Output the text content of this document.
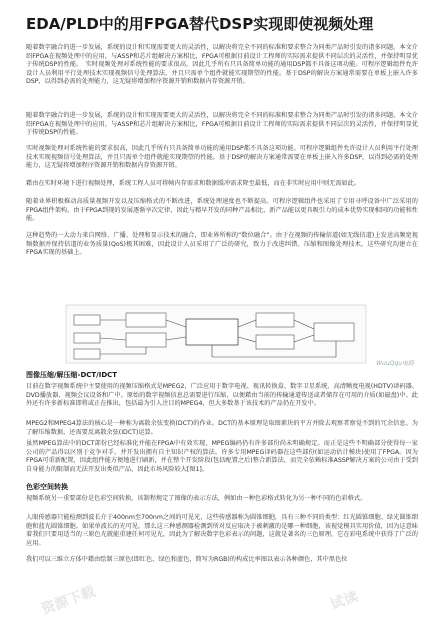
EDA/PLD中的用FPGA替代DSP实现即使视频处理
随着数字融合的进一步发展，系统的设计和实现需要更大的灵活性，以解决将完全不同的标准和要求整合为同类产品时引发的诸多问题。本文介绍FPGA在视频处理中的应用，与ASSP和芯片组解决方案相比，FPGA可根据目前设计工程师的实际需求提供不同层次的灵活性，并保持明显优于传统DSP的性能。　实时视频处理对系统性能的要求很高，因此几乎所有只具备简单功能的通用DSP都不具备这项功能。可程序逻辑组件允许设计人员利用平行处理技术实现视频信号处理算法，并且只需单个组件就能实现期望的性能。基于DSP的解决方案通常需要在单板上嵌入许多DSP，以得到必需的处理能力，这无疑将增加程序资源开销和数据内存资源开销。
随着数字融合的进一步发展，系统的设计和实现需要更大的灵活性，以解决将完全不同的标准和要求整合为同类产品时引发的诸多问题。本文介绍FPGA在视频处理中的应用，与ASSP和芯片组解决方案相比，FPGA可根据目前设计工程师的实际需求提供不同层次的灵活性，并保持明显优于传统DSP的性能。
实时视频处理对系统性能的要求很高，因此几乎所有只具备简单功能的通用DSP都不具备这项功能。可程序逻辑组件允许设计人员利用平行处理技术实现视频信号处理算法，并且只需单个组件就能实现期望的性能。基于DSP的解决方案通常需要在单板上嵌入许多DSP，以得到必需的处理能力，这无疑将增加程序资源开销和数据内存资源开销。
藉由在实时环境下进行视频处理，系统工程人员可将帧内存需求和数据缓冲需求降至最低，而在非实时应用中则无需如此。
随着业界积极推动高质量视频开发以及压缩格式的不断改进，系统处理速度也不断提高。可程序逻辑组件也采用了专用寻呼设备中广泛采用的FPGA组件架构。由于FPGA到现的发展逐渐享次定律，因此与精早开发的同种产品相比，新产品能以更具吸引力的成本优势实现相同的功能和性能。
这种趋势的一大动力来自网络、广播、处理和显示技术的融合，即业界所称的“数位融合”。由于在视频的传输信道(如无线信道)上发送高频宽视频数据并保持信道的业务质量(QoS)极其困难，因此设计人员采用了广泛的研究，致力于改进纠错、压缩和图像处理技术，这些研究均建立在FPGA实现的基础上。
WuuQqu电路
图像压缩/解压缩-DCT/IDCT
目前在数字视频系统中主要使用的视频压缩格式是MPEG2，广泛应用于数字电视、视讯转换盒、数字卫星系统、高清晰度电视(HDTV)译码器、DVD播放器、视频会议设备和广中。原始的数字视频信息总需要进行压缩，以便藉由当前的传输通道传送或者储存在可用的介质(如磁盘)中。此外还有许多新标准即将或正在推出，包括最为引人注目的MPEG4，但大多数基于该技术的产品仍在开发中。
MPEG2和MPEG4算法的核心是一种称为离散余弦变换(DCT)的作业。DCT的基本原理是取图素块的平方并除去观察者察觉不到的冗余信息。为了解压缩数据，还需要反离散余弦(IDCT)运算。
虽然MPEG算法中的DCT部份已经标准化并能在FPGA中有效实现，MPEG编码仍有许多部份尚未明确规定。而正是这些不明确部分使得每一家公司的产品得以区别于竞争对手，并开发出拥有自主知识产权的算法。许多专用MPEG译码器在这些部份(如运动估计模块)使用了FPGA。因为FPGA可重新配置，因此组件能方便地进行刷新，并在整个开发阶段(包括配置之后)整合新算法，而完全依赖标准ASSP解决方案的公司由于受到自身能力的限制而无法开发出类似产品，因此市场风险较大[图1]。
色彩空间转换
视频系统另一重要部份是色彩空间转换，该制程规定了图像的表示方法，例如由一种色彩格式转化为另一种不同的色彩格式。
人眼传感器只能检测到波长介于400nm至700nm之间的可见光，这些传感器称为圆锥细胞，具有三种不同的类型：红光圆锥细胞、绿光圆锥细胞和蓝光圆锥细胞。如果单波长的光可见，那么这三种感测器检测到所对反应取决于被刺激的是哪一种细胞，该视觉模具实用价值，因为这意味着我们只要用适当的三原色光就能重建任何可见光，因此为了解决数字色彩表示的问题，这就是著名的三色原理，它在彩电系统中获得了广泛的应用。
我们可以三维立方体中藉由绘制三原色(即红色、绿色和蓝色，简写为RGB)的构成比率图以表示各种颜色，其中黑色位
资源下载	试读
